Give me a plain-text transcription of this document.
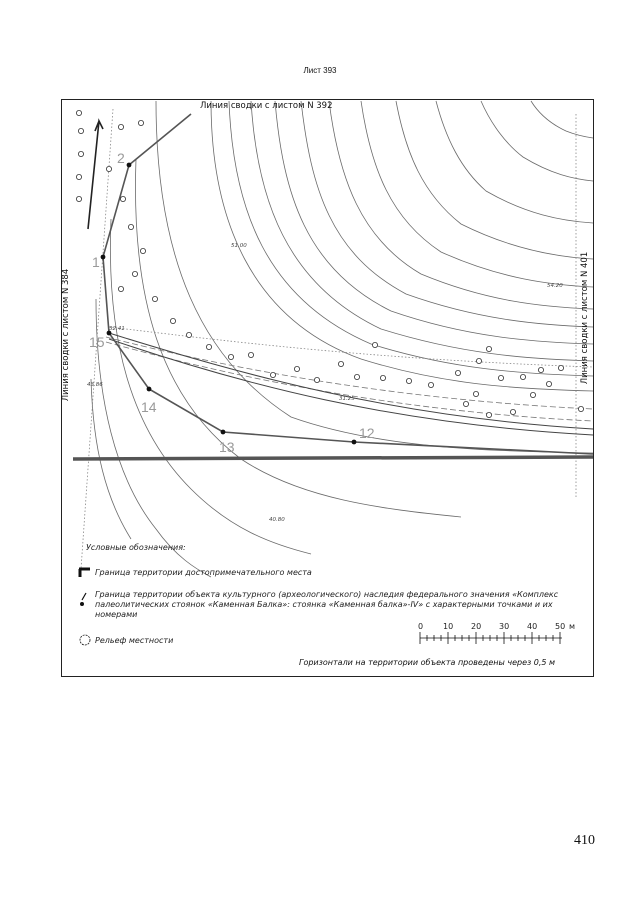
Лист 393
2
1
15
14
13
12
51.00
54.20
31.25
43.86
40.80
32.41
Линия сводки с листом N 392
Линия сводки с листом N 384	Линия сводки с листом N 401
Условные обозначения:
Граница территории достопримечательного места
Граница территории объекта культурного (археологического) наследия федерального значения «Комплекс палеолитических стоянок «Каменная Балка»: стоянка «Каменная балка»-IV» с характерными точками и их номерами
Рельеф местности
0 10 20 30 40 50 м
Горизонтали на территории объекта проведены через 0,5 м
410
